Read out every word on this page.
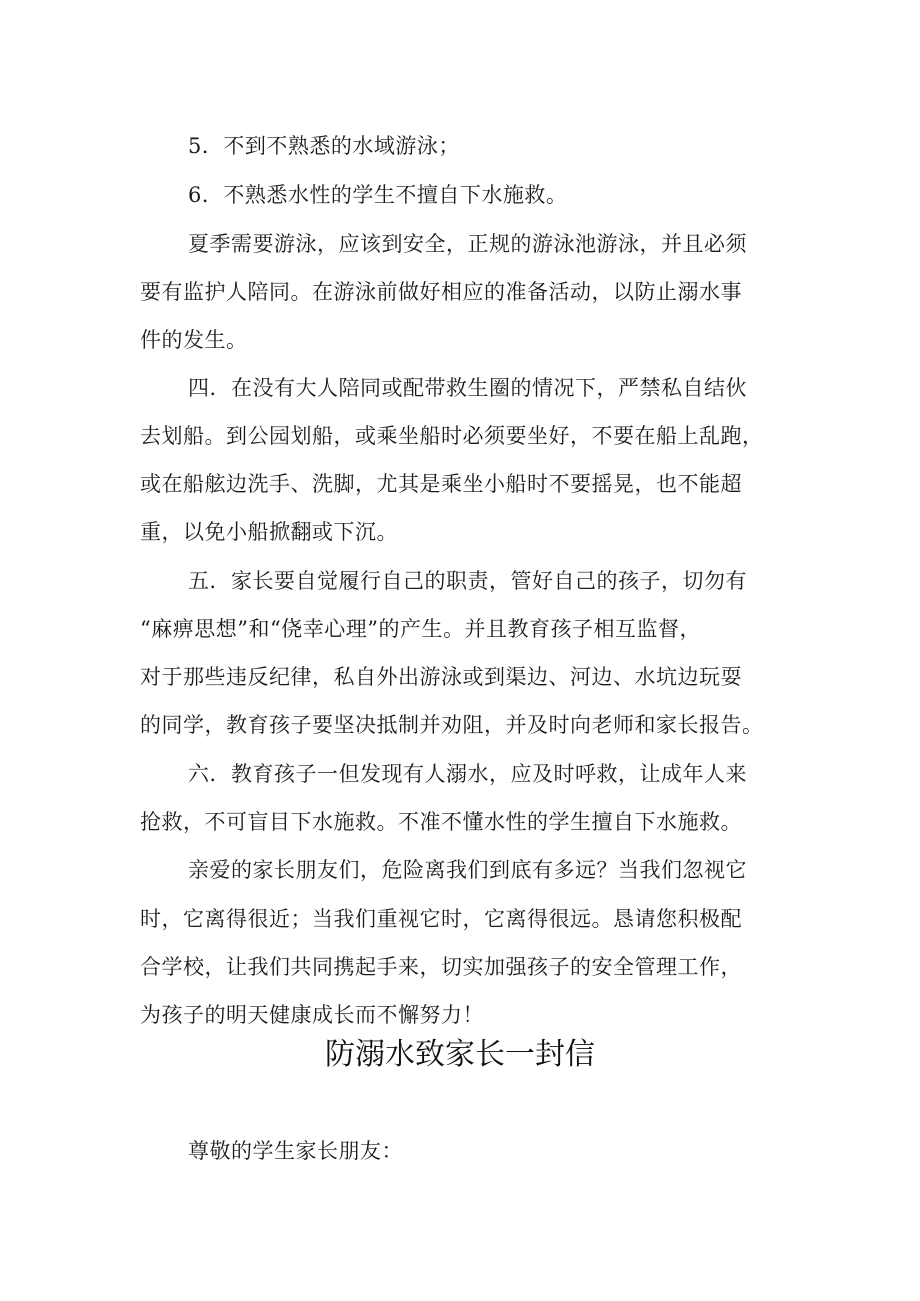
5．不到不熟悉的水域游泳；
6．不熟悉水性的学生不擅自下水施救。
夏季需要游泳，应该到安全，正规的游泳池游泳，并且必须
要有监护人陪同。在游泳前做好相应的准备活动，以防止溺水事
件的发生。
四．在没有大人陪同或配带救生圈的情况下，严禁私自结伙
去划船。到公园划船，或乘坐船时必须要坐好，不要在船上乱跑，
或在船舷边洗手、洗脚，尤其是乘坐小船时不要摇晃，也不能超
重，以免小船掀翻或下沉。
五．家长要自觉履行自己的职责，管好自己的孩子，切勿有
“麻痹思想”和“侥幸心理”的产生。并且教育孩子相互监督，
对于那些违反纪律，私自外出游泳或到渠边、河边、水坑边玩耍
的同学，教育孩子要坚决抵制并劝阻，并及时向老师和家长报告。
六．教育孩子一但发现有人溺水，应及时呼救，让成年人来
抢救，不可盲目下水施救。不准不懂水性的学生擅自下水施救。
亲爱的家长朋友们，危险离我们到底有多远？当我们忽视它
时，它离得很近；当我们重视它时，它离得很远。恳请您积极配
合学校，让我们共同携起手来，切实加强孩子的安全管理工作，
为孩子的明天健康成长而不懈努力！
防溺水致家长一封信
尊敬的学生家长朋友：
